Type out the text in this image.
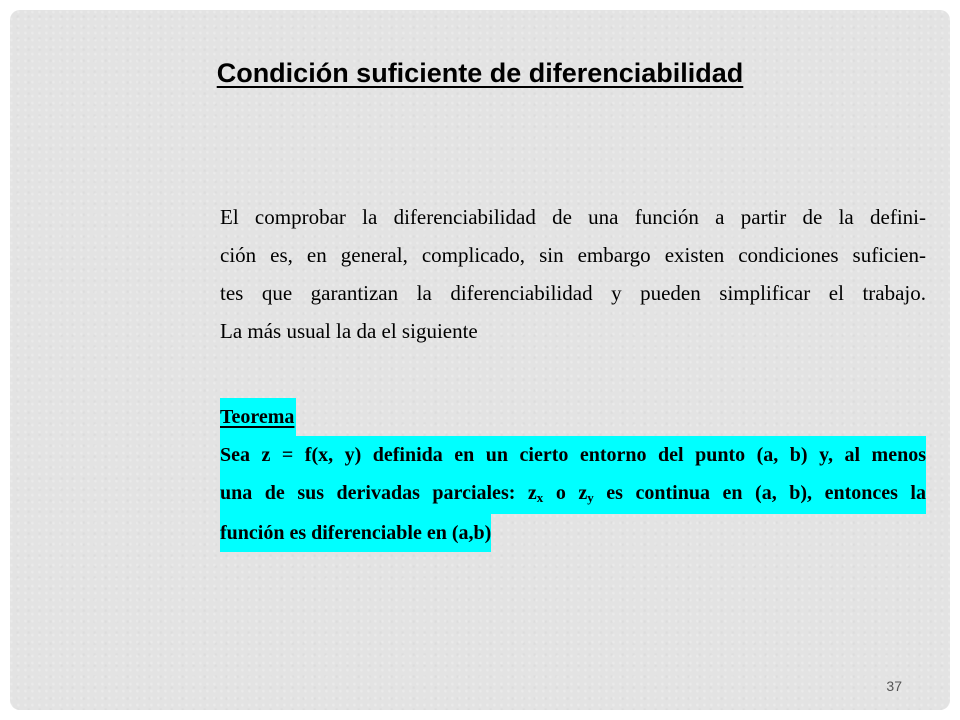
Condición suficiente de diferenciabilidad

El comprobar la diferenciabilidad de una función a partir de la defini-
ción es, en general, complicado, sin embargo existen condiciones suficien-
tes que garantizan la diferenciabilidad y pueden simplificar el trabajo.
La más usual la da el siguiente

Teorema
Sea z = f(x, y) definida en un cierto entorno del punto (a, b) y, al menos
una de sus derivadas parciales: zx o zy es continua en (a, b), entonces la
función es diferenciable en (a,b)
37
